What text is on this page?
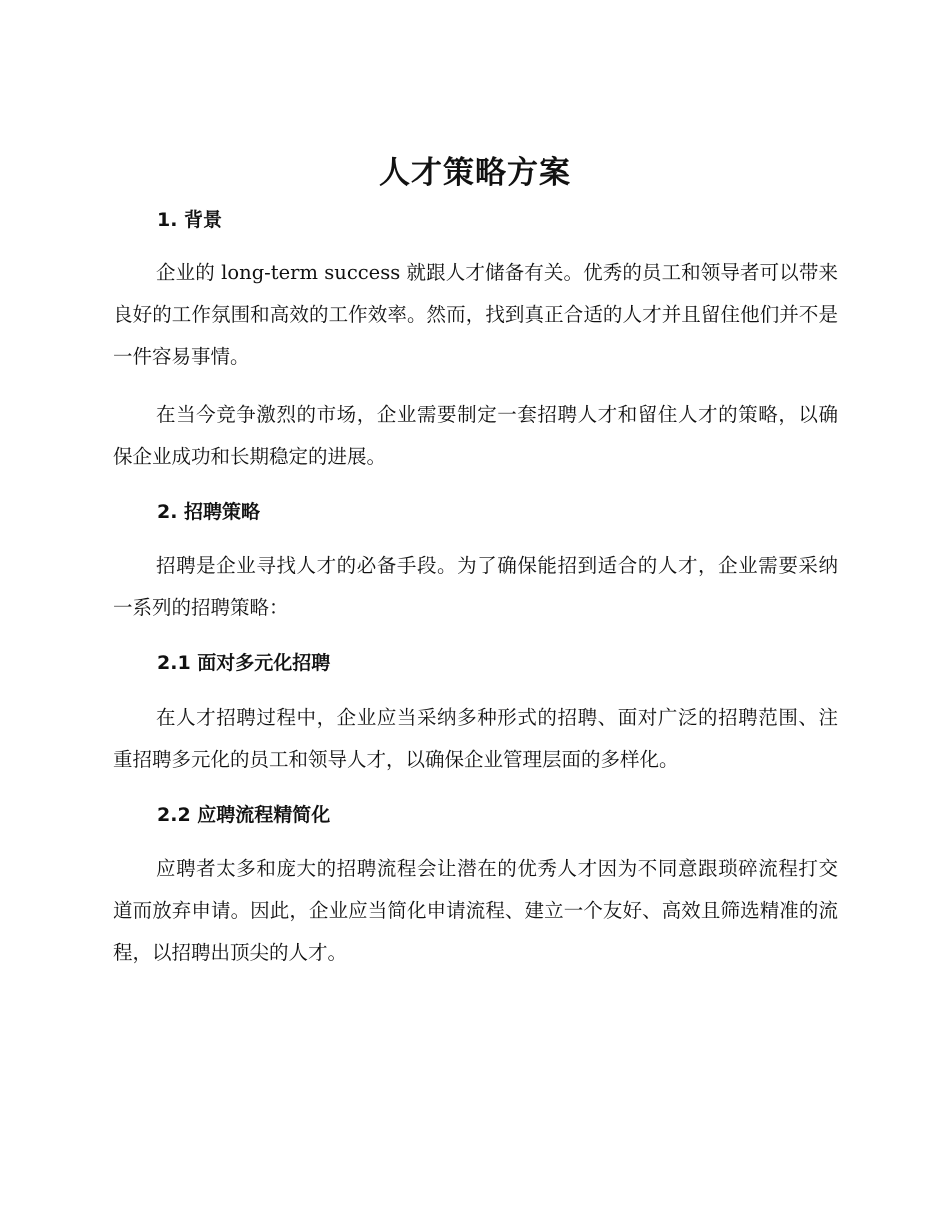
人才策略方案
1. 背景

企业的 long-term success 就跟人才储备有关。优秀的员工和领导者可以带来良好的工作氛围和高效的工作效率。然而，找到真正合适的人才并且留住他们并不是一件容易事情。

在当今竞争激烈的市场，企业需要制定一套招聘人才和留住人才的策略，以确保企业成功和长期稳定的进展。

2. 招聘策略

招聘是企业寻找人才的必备手段。为了确保能招到适合的人才，企业需要采纳一系列的招聘策略：

2.1 面对多元化招聘

在人才招聘过程中，企业应当采纳多种形式的招聘、面对广泛的招聘范围、注重招聘多元化的员工和领导人才，以确保企业管理层面的多样化。

2.2 应聘流程精简化

应聘者太多和庞大的招聘流程会让潜在的优秀人才因为不同意跟琐碎流程打交道而放弃申请。因此，企业应当简化申请流程、建立一个友好、高效且筛选精准的流程，以招聘出顶尖的人才。
